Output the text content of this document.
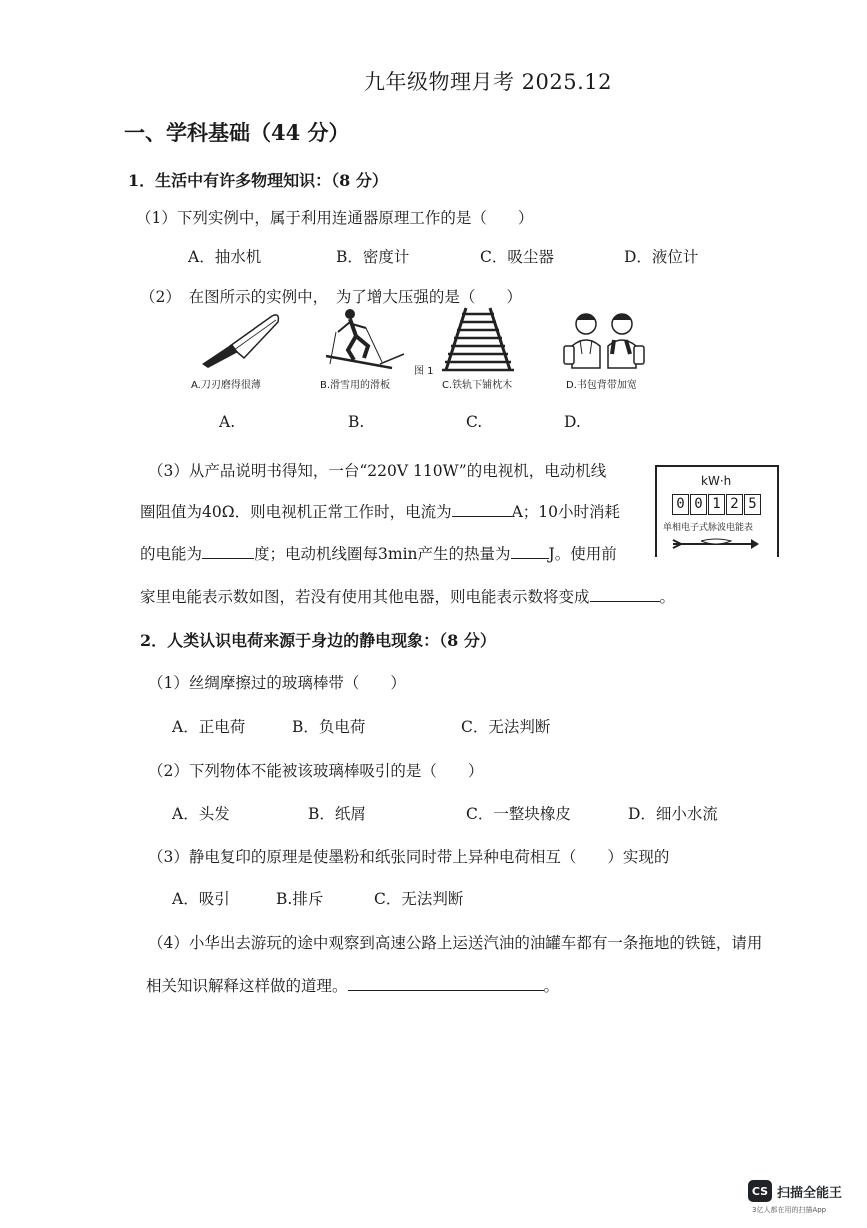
九年级物理月考 2025.12
一、学科基础（44 分）
1．生活中有许多物理知识：（8 分）
（1）下列实例中，属于利用连通器原理工作的是（　　）
A．抽水机	B．密度计	C．吸尘器	D．液位计
（2）　在图所示的实例中，　为了增大压强的是（　　）
图 1
A.刀刃磨得很薄	B.滑雪用的滑板	C.铁轨下铺枕木	D.书包背带加宽
A.	B.	C.	D.
（3）从产品说明书得知，一台“220V 110W”的电视机，电动机线
圈阻值为40Ω．则电视机正常工作时，电流为	A；10小时消耗
的电能为	度；电动机线圈每3min产生的热量为 J。使用前
家里电能表示数如图，若没有使用其他电器，则电能表示数将变成	。
kW·h
0 0 1 2 5
单相电子式脉波电能表
2．人类认识电荷来源于身边的静电现象：（8 分）
（1）丝绸摩擦过的玻璃棒带（　　）
A．正电荷	B．负电荷	C．无法判断
（2）下列物体不能被该玻璃棒吸引的是（　　）
A．头发	B．纸屑	C．一整块橡皮	D．细小水流
（3）静电复印的原理是使墨粉和纸张同时带上异种电荷相互（　　）实现的
A．吸引	B.排斥	C．无法判断
（4）小华出去游玩的途中观察到高速公路上运送汽油的油罐车都有一条拖地的铁链，请用
相关知识解释这样做的道理。	。
CS 扫描全能王
3亿人都在用的扫描App
